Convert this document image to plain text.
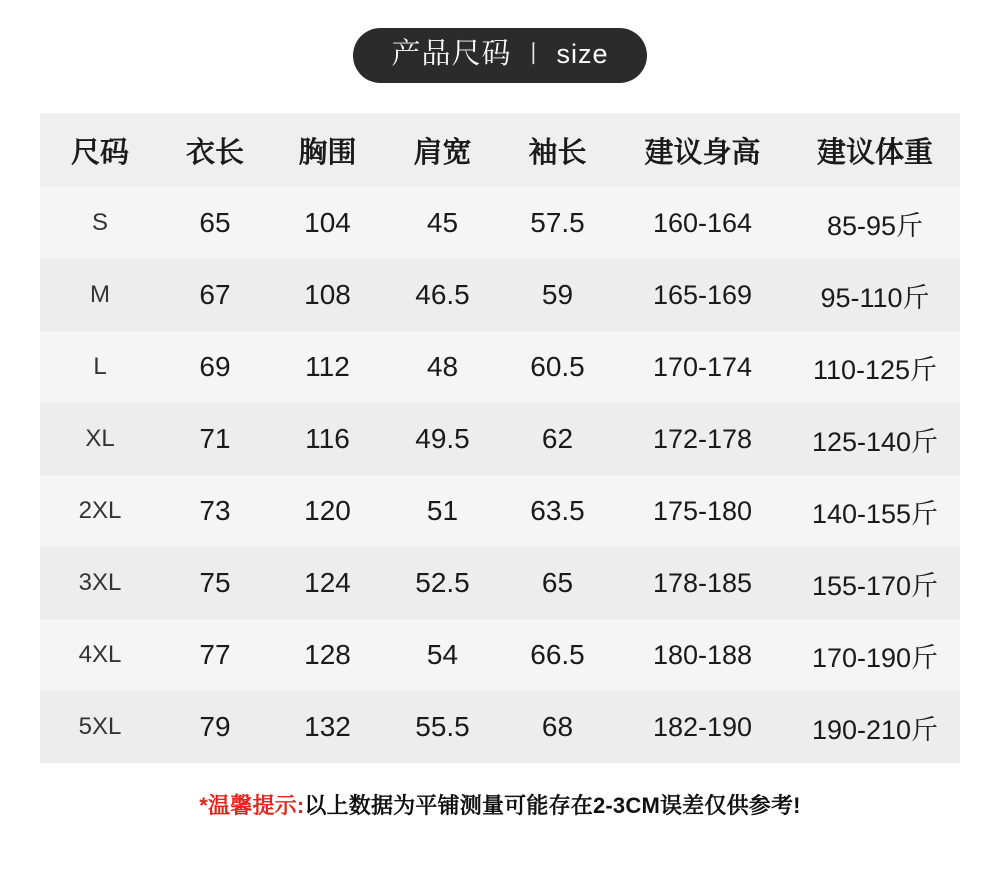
产品尺码 丨 size
尺码	衣长	胸围	肩宽	袖长	建议身高	建议体重
S	65	104	45	57.5	160-164	85-95斤
M	67	108	46.5	59	165-169	95-110斤
L	69	112	48	60.5	170-174	110-125斤
XL	71	116	49.5	62	172-178	125-140斤
2XL	73	120	51	63.5	175-180	140-155斤
3XL	75	124	52.5	65	178-185	155-170斤
4XL	77	128	54	66.5	180-188	170-190斤
5XL	79	132	55.5	68	182-190	190-210斤
*温馨提示:以上数据为平铺测量可能存在2-3CM误差仅供参考!
